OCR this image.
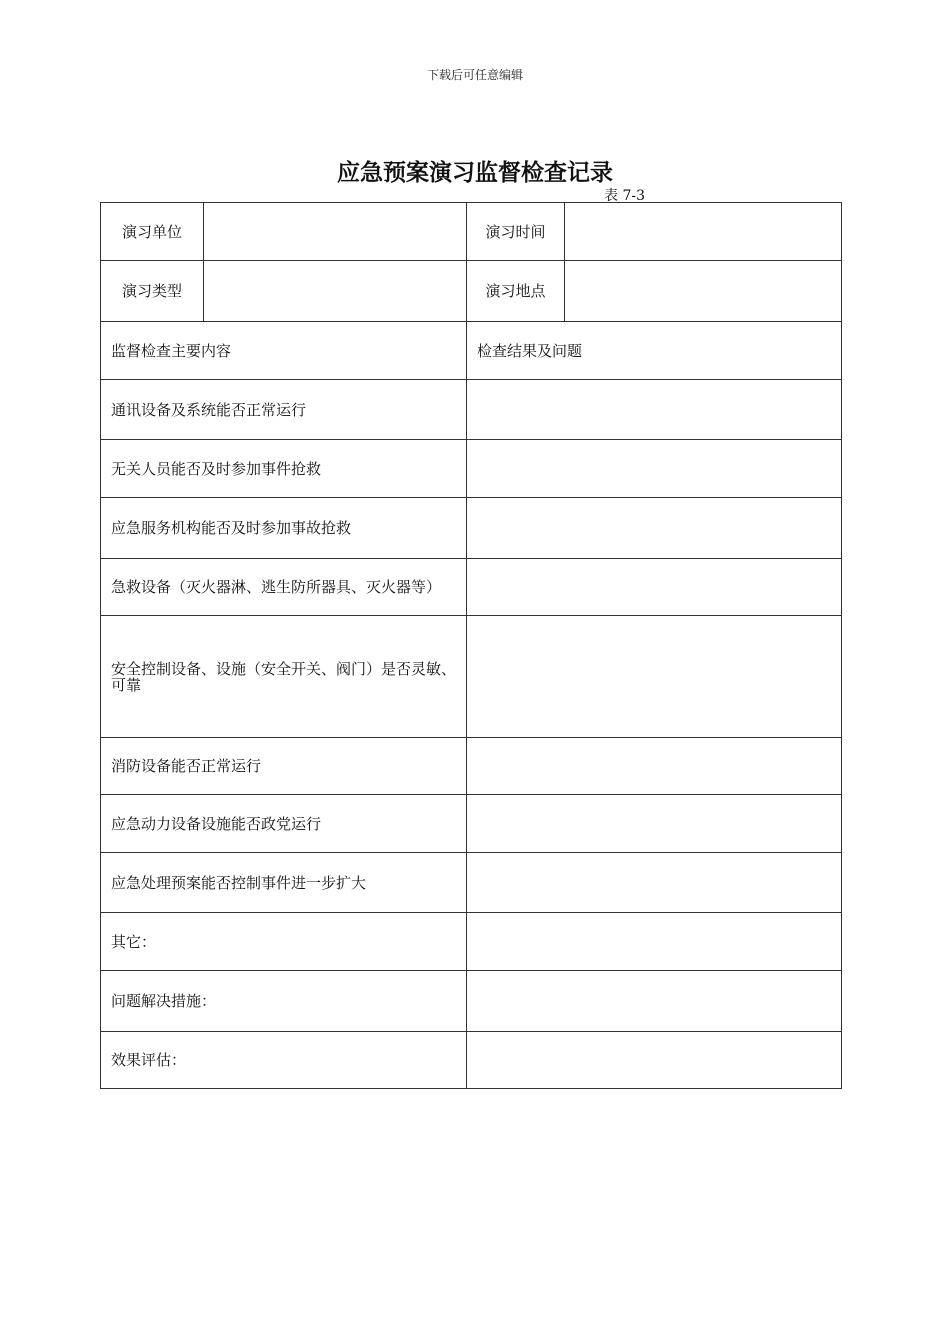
下载后可任意编辑
应急预案演习监督检查记录
表 7-3
演习单位		演习时间	
演习类型		演习地点	
监督检查主要内容		检查结果及问题	
通讯设备及系统能否正常运行			
无关人员能否及时参加事件抢救			
应急服务机构能否及时参加事故抢救			
急救设备（灭火器淋、逃生防所器具、灭火器等）			
安全控制设备、设施（安全开关、阀门）是否灵敏、可靠			
消防设备能否正常运行			
应急动力设备设施能否政党运行			
应急处理预案能否控制事件进一步扩大			
其它：			
问题解决措施：			
效果评估：			
